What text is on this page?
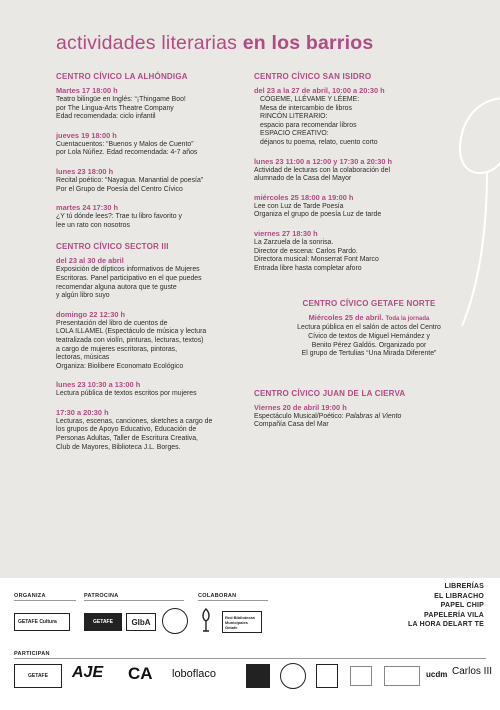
actividades literarias en los barrios
CENTRO CÍVICO LA ALHÓNDIGA
Martes 17 18:00 h
Teatro bilingüe en Inglés: “¡Thingame Boo!
por The Lingua-Arts Theatre Company
Edad recomendada: ciclo infantil
jueves 19 18:00 h
Cuentacuentos: “Buenos y Malos de Cuento”
por Lola Núñez. Edad recomendada: 4-7 años
lunes 23 18:00 h
Recital poético: “Nayagua. Manantial de poesía”
Por el Grupo de Poesía del Centro Cívico
martes 24 17:30 h
¿Y tú dónde lees?: Trae tu libro favorito y
lee un rato con nosotros
CENTRO CÍVICO SECTOR III
del 23 al 30 de abril
Exposición de dípticos informativos de Mujeres
Escritoras. Panel participativo en el que puedes
recomendar alguna autora que te guste
y algún libro suyo
domingo 22 12:30 h
Presentación del libro de cuentos de
LOLA ILLAMEL (Espectáculo de música y lectura
teatralizada con violín, pinturas, lecturas, textos)
a cargo de mujeres escritoras, pintoras,
lectoras, músicas
Organiza: Biolibere Economato Ecológico
lunes 23 10:30 a 13:00 h
Lectura pública de textos escritos por mujeres
17:30 a 20:30 h
Lecturas, escenas, canciones, sketches a cargo de
los grupos de Apoyo Educativo, Educación de
Personas Adultas, Taller de Escritura Creativa,
Club de Mayores, Biblioteca J.L. Borges.
CENTRO CÍVICO SAN ISIDRO
del 23 a la 27 de abril, 10:00 a 20:30 h
CÓGEME, LLÉVAME Y LÉEME:
Mesa de intercambio de libros
RINCÓN LITERARIO:
espacio para recomendar libros
ESPACIO CREATIVO:
déjanos tu poema, relato, cuento corto
lunes 23 11:00 a 12:00 y 17:30 a 20:30 h
Actividad de lecturas con la colaboración del
alumnado de la Casa del Mayor
miércoles 25 18:00 a 19:00 h
Lee con Luz de Tarde Poesía
Organiza el grupo de poesía Luz de tarde
viernes 27 18:30 h
La Zarzuela de la sonrisa.
Director de escena: Carlos Pardo.
Directora musical: Monserrat Font Marco
Entrada libre hasta completar aforo
CENTRO CÍVICO GETAFE NORTE
Miércoles 25 de abril. Toda la jornada
Lectura pública en el salón de actos del Centro
Cívico de textos de Miguel Hernández y
Benito Pérez Galdós. Organizado por
El grupo de Tertulias “Una Mirada Diferente”
CENTRO CÍVICO JUAN DE LA CIERVA
Viernes 20 de abril 19:00 h
Espectáculo Musical/Poético: Palabras al Viento
Compañía Casa del Mar
ORGANIZA
GETAFE
Cultura
PATROCINA
GETAFE	GIbA
COLABORAN
Red Bibliotecas Municipales Getafe
LIBRERÍAS
EL LIBRACHO
PAPEL CHIP
PAPELERÍA VILA
LA HORA DELART TE
PARTICIPAN
GETAFE	AJE CA loboflaco	ucdm Carlos III
